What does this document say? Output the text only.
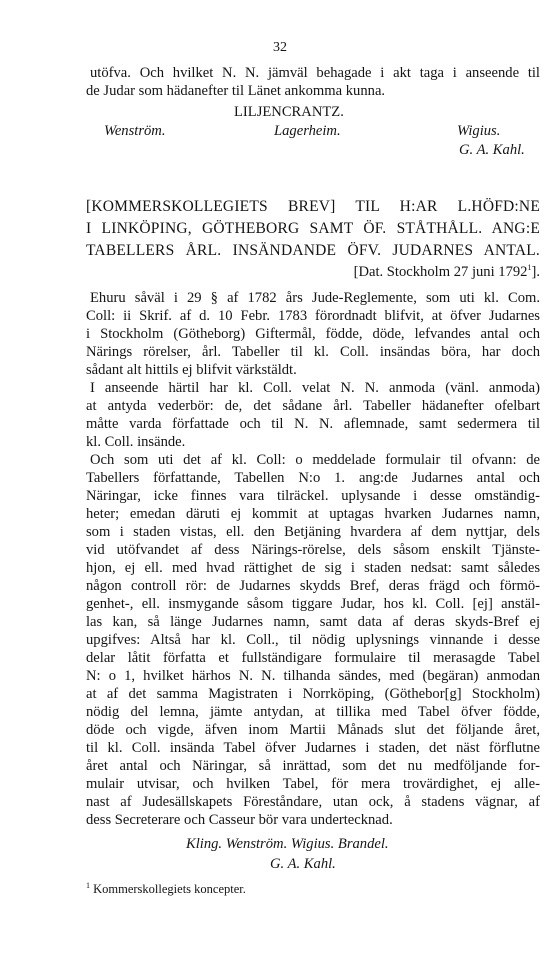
32
utöfva. Och hvilket N. N. jämväl behagade i akt taga i anseende til
de Judar som hädanefter til Länet ankomma kunna.
LILJENCRANTZ.
Wenström.	Lagerheim.	Wigius.
G. A. Kahl.
[KOMMERSKOLLEGIETS BREV] TIL H:AR L.HÖFD:NE
I LINKÖPING, GÖTHEBORG SAMT ÖF. STÅTHÅLL. ANG:E
TABELLERS ÅRL. INSÄNDANDE ÖFV. JUDARNES ANTAL.
[Dat. Stockholm 27 juni 1792$^1$].
Ehuru såväl i 29 § af 1782 års Jude-Reglemente, som uti kl. Com.
Coll: ii Skrif. af d. 10 Febr. 1783 förordnadt blifvit, at öfver Judarnes
i Stockholm (Götheborg) Giftermål, födde, döde, lefvandes antal och
Närings rörelser, årl. Tabeller til kl. Coll. insändas böra, har doch
sådant alt hittils ej blifvit värkstäldt.
I anseende härtil har kl. Coll. velat N. N. anmoda (vänl. anmoda)
at antyda vederbör: de, det sådane årl. Tabeller hädanefter ofelbart
måtte varda författade och til N. N. aflemnade, samt sedermera til
kl. Coll. insände.
Och som uti det af kl. Coll: o meddelade formulair til ofvann: de
Tabellers författande, Tabellen N:o 1. ang:de Judarnes antal och
Näringar, icke finnes vara tilräckel. uplysande i desse omständig-
heter; emedan däruti ej kommit at uptagas hvarken Judarnes namn,
som i staden vistas, ell. den Betjäning hvardera af dem nyttjar, dels
vid utöfvandet af dess Närings-rörelse, dels såsom enskilt Tjänste-
hjon, ej ell. med hvad rättighet de sig i staden nedsat: samt således
någon controll rör: de Judarnes skydds Bref, deras frägd och förmö-
genhet-, ell. insmygande såsom tiggare Judar, hos kl. Coll. [ej] anstäl-
las kan, så länge Judarnes namn, samt data af deras skyds-Bref ej
upgifves: Altså har kl. Coll., til nödig uplysnings vinnande i desse
delar låtit författa et fullständigare formulaire til merasagde Tabel
N: o 1, hvilket härhos N. N. tilhanda sändes, med (begäran) anmodan
at af det samma Magistraten i Norrköping, (Göthebor[g] Stockholm)
nödig del lemna, jämte antydan, at tillika med Tabel öfver födde,
döde och vigde, äfven inom Martii Månads slut det följande året,
til kl. Coll. insända Tabel öfver Judarnes i staden, det näst förflutne
året antal och Näringar, så inrättad, som det nu medföljande for-
mulair utvisar, och hvilken Tabel, för mera trovärdighet, ej alle-
nast af Judesällskapets Föreståndare, utan ock, å stadens vägnar, af
dess Secreterare och Casseur bör vara undertecknad.
Kling. Wenström. Wigius. Brandel.
G. A. Kahl.
$^1$ Kommerskollegiets koncepter.
